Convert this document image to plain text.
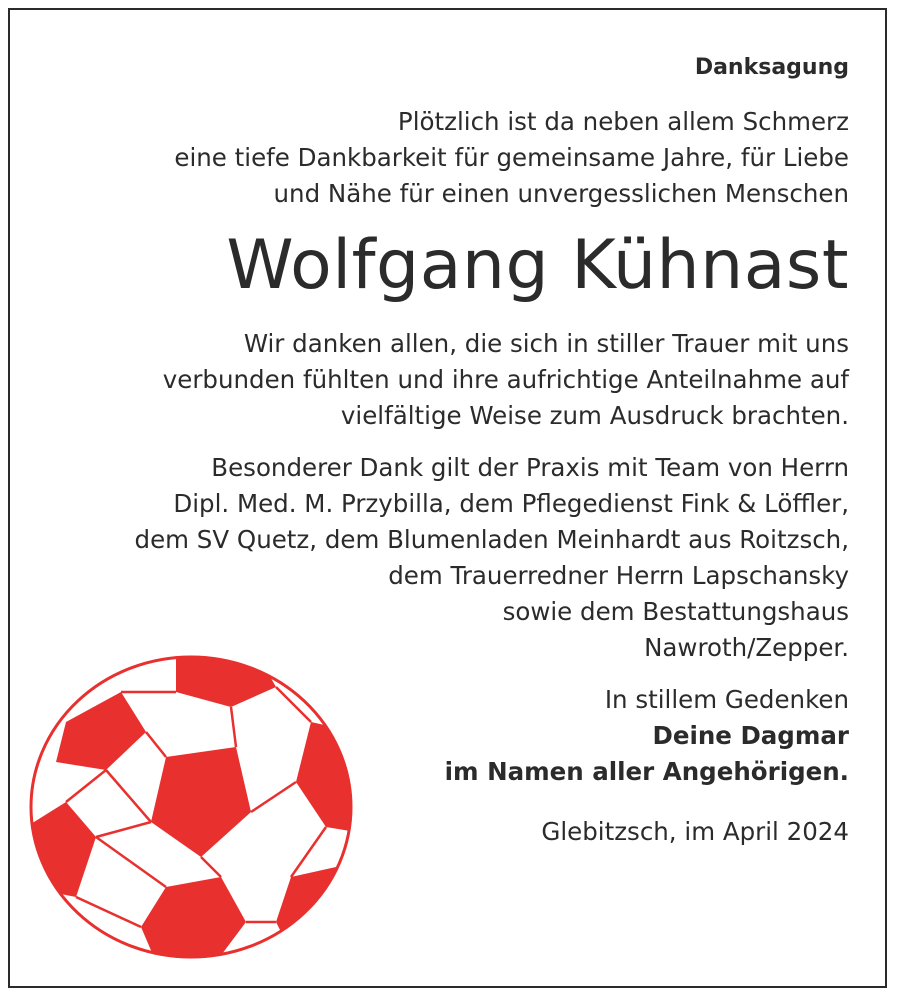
Danksagung

Plötzlich ist da neben allem Schmerz
eine tiefe Dankbarkeit für gemeinsame Jahre, für Liebe
und Nähe für einen unvergesslichen Menschen

Wolfgang Kühnast

Wir danken allen, die sich in stiller Trauer mit uns
verbunden fühlten und ihre aufrichtige Anteilnahme auf
vielfältige Weise zum Ausdruck brachten.

Besonderer Dank gilt der Praxis mit Team von Herrn
Dipl. Med. M. Przybilla, dem Pflegedienst Fink & Löffler,
dem SV Quetz, dem Blumenladen Meinhardt aus Roitzsch,
dem Trauerredner Herrn Lapschansky
sowie dem Bestattungshaus
Nawroth/Zepper.

In stillem Gedenken
Deine Dagmar
im Namen aller Angehörigen.

Glebitzsch, im April 2024
